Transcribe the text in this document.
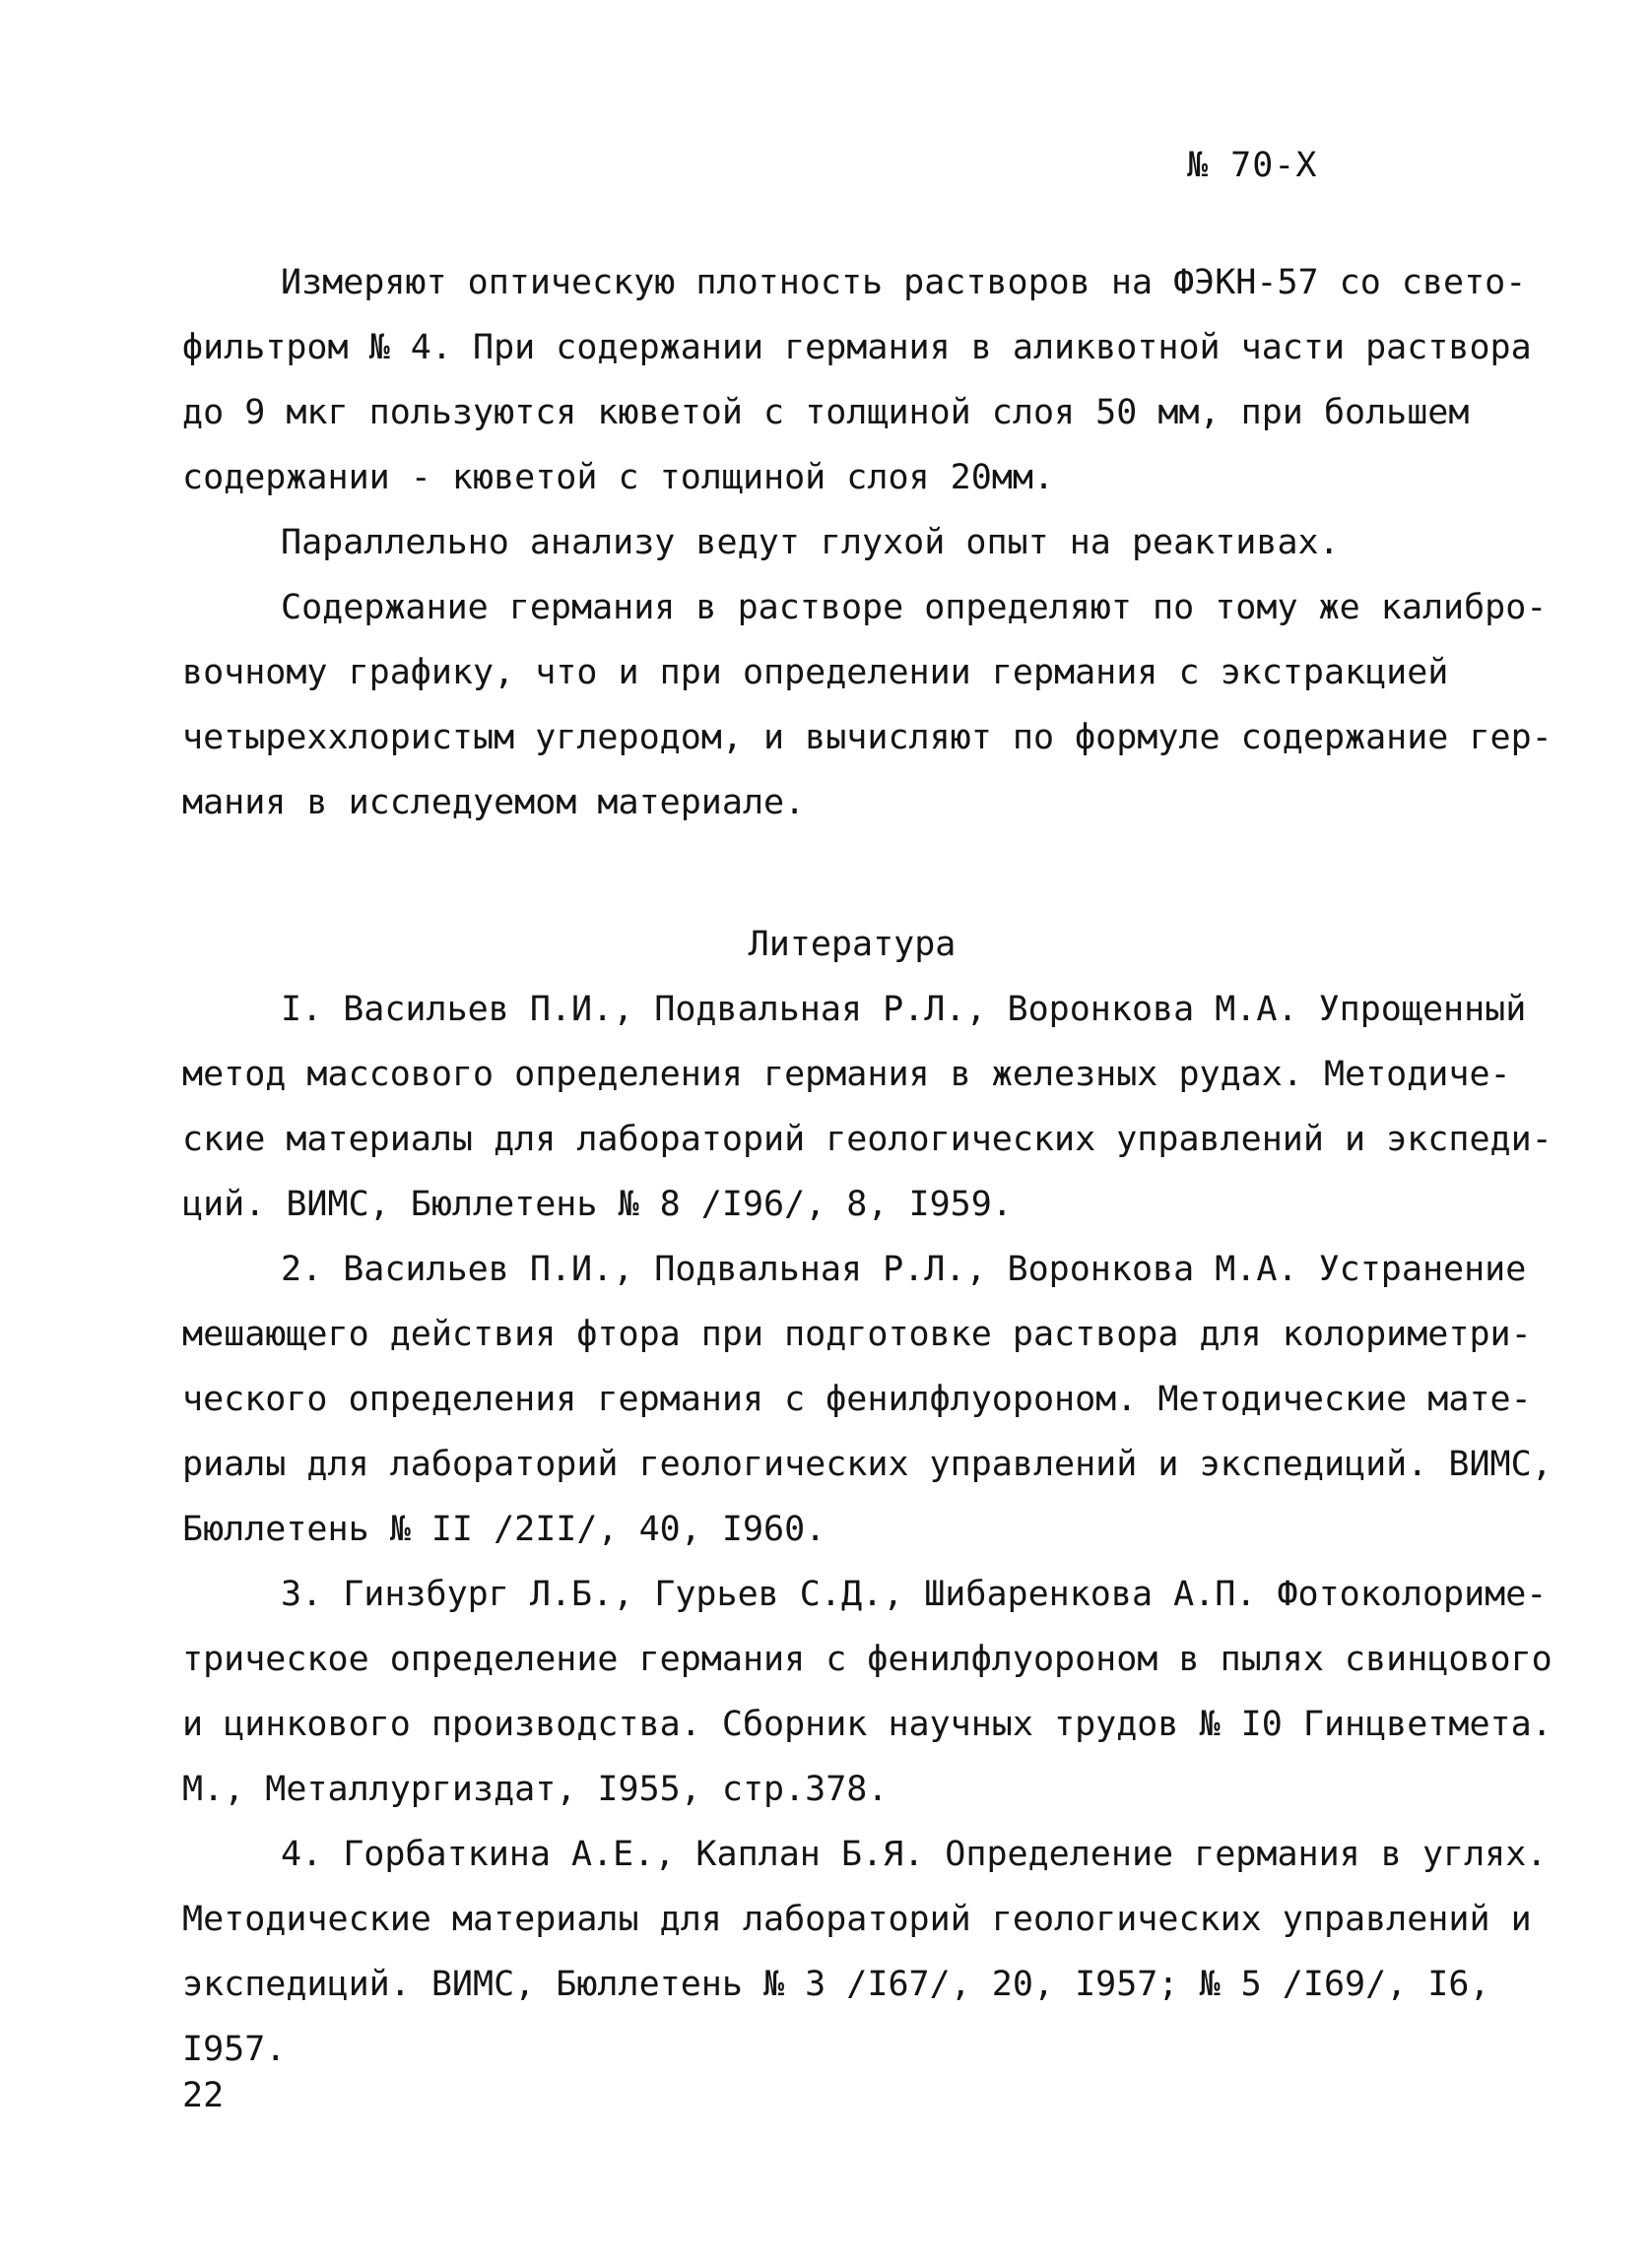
№ 70-Х
Измеряют оптическую плотность растворов на ФЭКН-57 со свето-
фильтром № 4. При содержании германия в аликвотной части раствора
до 9 мкг пользуются кюветой с толщиной слоя 50 мм, при большем
содержании - кюветой с толщиной слоя 20мм.
Параллельно анализу ведут глухой опыт на реактивах.
Содержание германия в растворе определяют по тому же калибро-
вочному графику, что и при определении германия с экстракцией
четыреххлористым углеродом, и вычисляют по формуле содержание гер-
мания в исследуемом материале.
Литература
I. Васильев П.И., Подвальная Р.Л., Воронкова М.А. Упрощенный
метод массового определения германия в железных рудах. Методиче-
ские материалы для лабораторий геологических управлений и экспеди-
ций. ВИМС, Бюллетень № 8 /I96/, 8, I959.
2. Васильев П.И., Подвальная Р.Л., Воронкова М.А. Устранение
мешающего действия фтора при подготовке раствора для колориметри-
ческого определения германия с фенилфлуороном. Методические мате-
риалы для лабораторий геологических управлений и экспедиций. ВИМС,
Бюллетень № II /2II/, 40, I960.
3. Гинзбург Л.Б., Гурьев С.Д., Шибаренкова А.П. Фотоколориме-
трическое определение германия с фенилфлуороном в пылях свинцового
и цинкового производства. Сборник научных трудов № I0 Гинцветмета.
М., Металлургиздат, I955, стр.378.
4. Горбаткина А.Е., Каплан Б.Я. Определение германия в углях.
Методические материалы для лабораторий геологических управлений и
экспедиций. ВИМС, Бюллетень № 3 /I67/, 20, I957; № 5 /I69/, I6,
I957.
22
